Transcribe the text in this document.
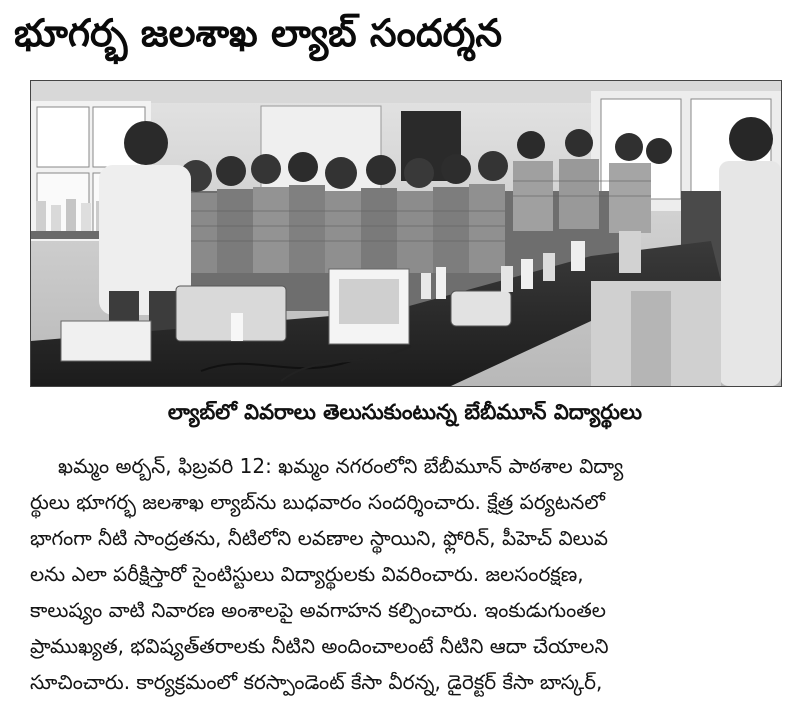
భూగర్భ జలశాఖ ల్యాబ్ సందర్శన
ల్యాబ్‌లో వివరాలు తెలుసుకుంటున్న బేబీమూన్ విద్యార్థులు
ఖమ్మం అర్బన్, ఫిబ్రవరి 12: ఖమ్మం నగరంలోని బేబీమూన్ పాఠశాల విద్యా
ర్థులు భూగర్భ జలశాఖ ల్యాబ్‌ను బుధవారం సందర్శించారు. క్షేత్ర పర్యటనలో
భాగంగా నీటి సాంద్రతను, నీటిలోని లవణాల స్థాయిని, ఫ్లోరిన్, పీహెచ్ విలువ
లను ఎలా పరీక్షిస్తారో సైంటిస్టులు విద్యార్థులకు వివరించారు. జలసంరక్షణ,
కాలుష్యం వాటి నివారణ అంశాలపై అవగాహన కల్పించారు. ఇంకుడుగుంతల
ప్రాముఖ్యత, భవిష్యత్‌తరాలకు నీటిని అందించాలంటే నీటిని ఆదా చేయాలని
సూచించారు. కార్యక్రమంలో కరస్పాండెంట్ కేసా వీరన్న, డైరెక్టర్ కేసా బాస్కర్,
